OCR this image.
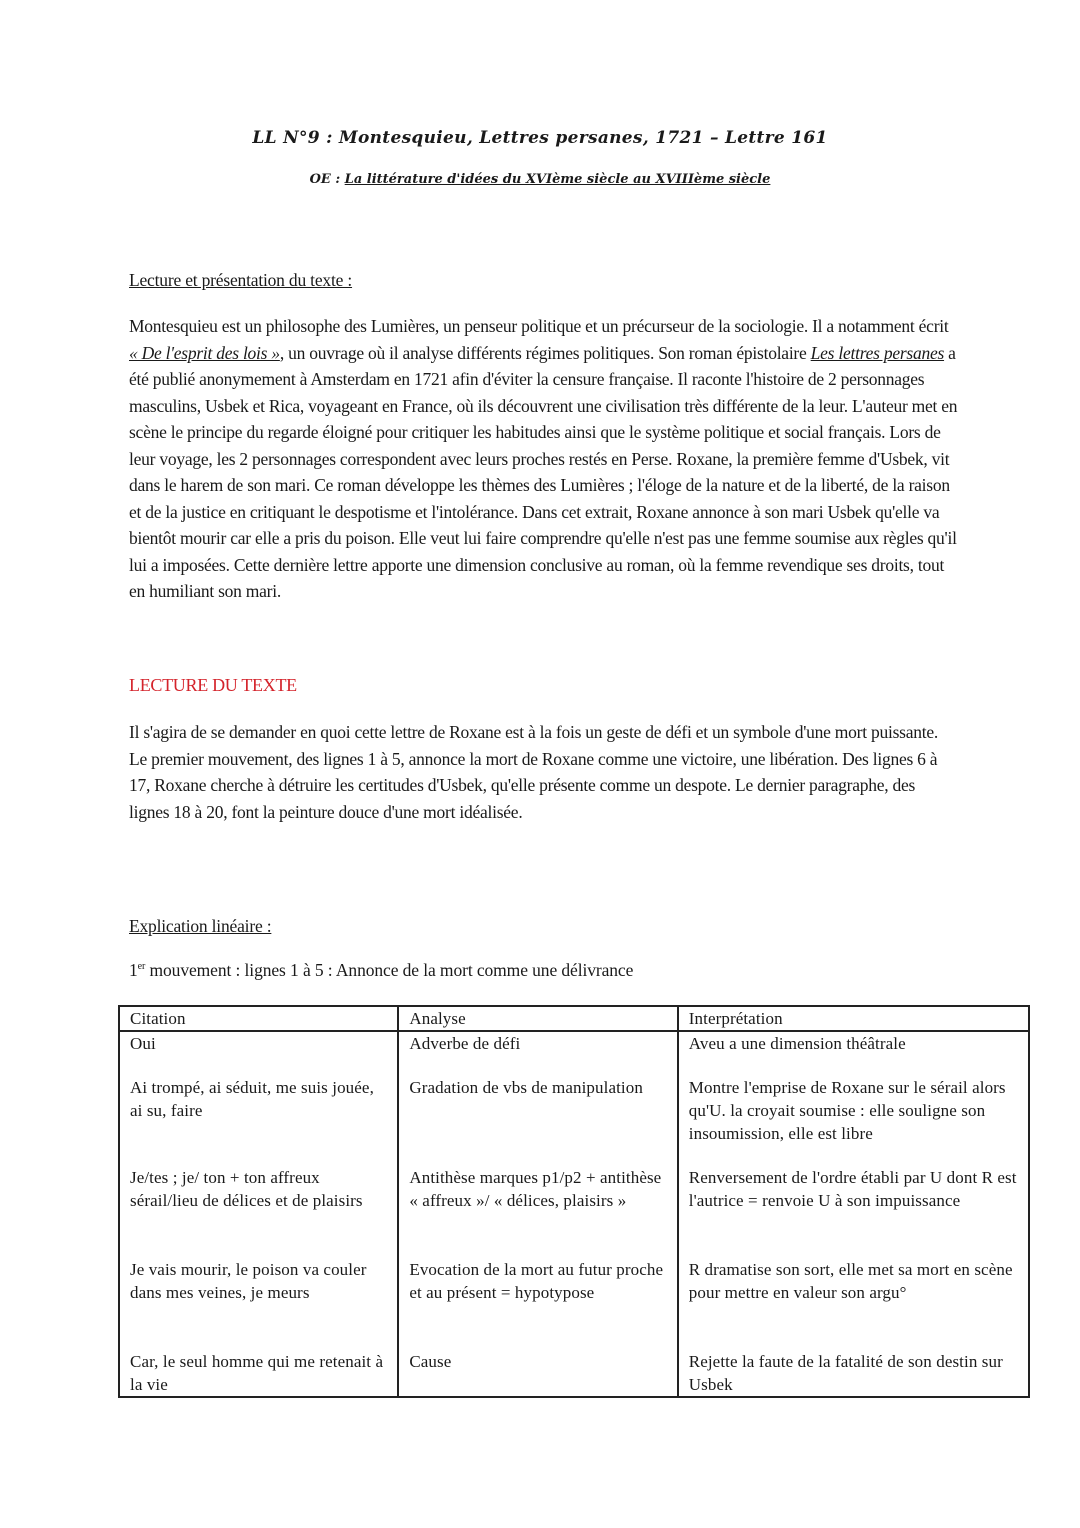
LL N°9 : Montesquieu, Lettres persanes, 1721 – Lettre 161
OE : La littérature d'idées du XVIème siècle au XVIIIème siècle
Lecture et présentation du texte :

Montesquieu est un philosophe des Lumières, un penseur politique et un précurseur de la sociologie. Il a notamment écrit « De l'esprit des lois », un ouvrage où il analyse différents régimes politiques. Son roman épistolaire Les lettres persanes a été publié anonymement à Amsterdam en 1721 afin d'éviter la censure française. Il raconte l'histoire de 2 personnages masculins, Usbek et Rica, voyageant en France, où ils découvrent une civilisation très différente de la leur. L'auteur met en scène le principe du regarde éloigné pour critiquer les habitudes ainsi que le système politique et social français. Lors de leur voyage, les 2 personnages correspondent avec leurs proches restés en Perse. Roxane, la première femme d'Usbek, vit dans le harem de son mari. Ce roman développe les thèmes des Lumières ; l'éloge de la nature et de la liberté, de la raison et de la justice en critiquant le despotisme et l'intolérance. Dans cet extrait, Roxane annonce à son mari Usbek qu'elle va bientôt mourir car elle a pris du poison. Elle veut lui faire comprendre qu'elle n'est pas une femme soumise aux règles qu'il lui a imposées. Cette dernière lettre apporte une dimension conclusive au roman, où la femme revendique ses droits, tout en humiliant son mari.

LECTURE DU TEXTE

Il s'agira de se demander en quoi cette lettre de Roxane est à la fois un geste de défi et un symbole d'une mort puissante. Le premier mouvement, des lignes 1 à 5, annonce la mort de Roxane comme une victoire, une libération. Des lignes 6 à 17, Roxane cherche à détruire les certitudes d'Usbek, qu'elle présente comme un despote. Le dernier paragraphe, des lignes 18 à 20, font la peinture douce d'une mort idéalisée.

Explication linéaire :
1er mouvement : lignes 1 à 5 : Annonce de la mort comme une délivrance
Citation	Analyse	Interprétation
Oui	Adverbe de défi	Aveu a une dimension théâtrale
Ai trompé, ai séduit, me suis jouée, ai su, faire	Gradation de vbs de manipulation	Montre l'emprise de Roxane sur le sérail alors qu'U. la croyait soumise : elle souligne son insoumission, elle est libre
Je/tes ; je/ ton + ton affreux sérail/lieu de délices et de plaisirs	Antithèse marques p1/p2 + antithèse « affreux »/ « délices, plaisirs »	Renversement de l'ordre établi par U dont R est l'autrice = renvoie U à son impuissance
Je vais mourir, le poison va couler dans mes veines, je meurs	Evocation de la mort au futur proche et au présent = hypotypose	R dramatise son sort, elle met sa mort en scène pour mettre en valeur son argu°
Car, le seul homme qui me retenait à la vie	Cause	Rejette la faute de la fatalité de son destin sur Usbek
